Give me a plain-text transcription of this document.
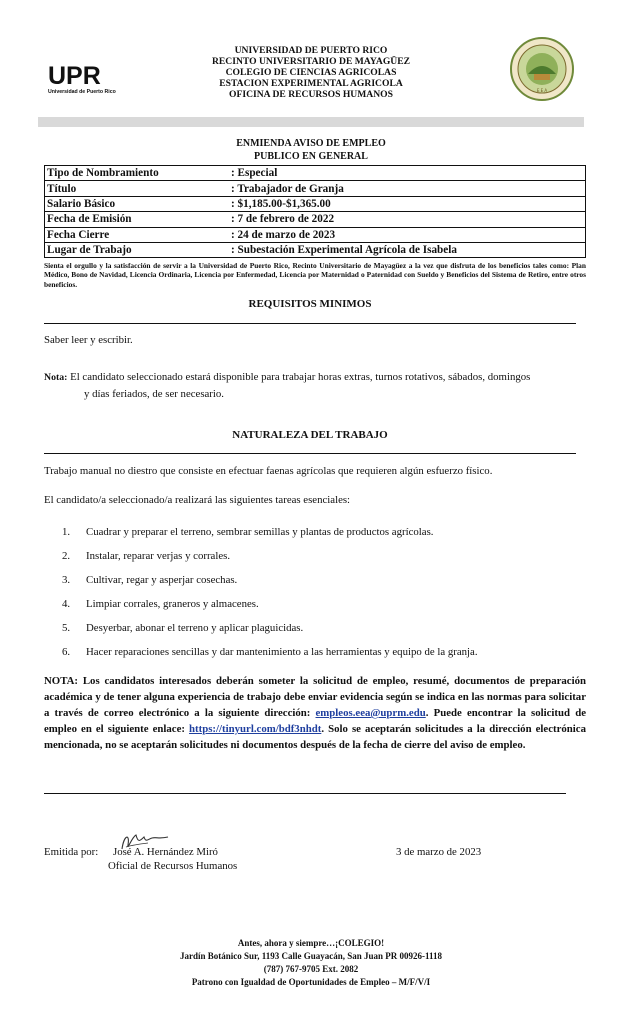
UPR
Universidad de Puerto Rico
UNIVERSIDAD DE PUERTO RICO
RECINTO UNIVERSITARIO DE MAYAGÜEZ
COLEGIO DE CIENCIAS AGRICOLAS
ESTACION EXPERIMENTAL AGRICOLA
OFICINA DE RECURSOS HUMANOS	E E A
ENMIENDA AVISO DE EMPLEO
PUBLICO EN GENERAL
Tipo de Nombramiento	: Especial
Título	: Trabajador de Granja
Salario Básico	: $1,185.00-$1,365.00
Fecha de Emisión	: 7 de febrero de 2022
Fecha Cierre	: 24 de marzo de 2023
Lugar de Trabajo	: Subestación Experimental Agrícola de Isabela
Sienta el orgullo y la satisfacción de servir a la Universidad de Puerto Rico, Recinto Universitario de Mayagüez a la vez que disfruta de los beneficios tales como: Plan Médico, Bono de Navidad, Licencia Ordinaria, Licencia por Enfermedad, Licencia por Maternidad o Paternidad con Sueldo y Beneficios del Sistema de Retiro, entre otros beneficios.
REQUISITOS MINIMOS
Saber leer y escribir.
Nota: El candidato seleccionado estará disponible para trabajar horas extras, turnos rotativos, sábados, domingos
y días feriados, de ser necesario.
NATURALEZA DEL TRABAJO
Trabajo manual no diestro que consiste en efectuar faenas agrícolas que requieren algún esfuerzo físico.
El candidato/a seleccionado/a realizará las siguientes tareas esenciales:
1. Cuadrar y preparar el terreno, sembrar semillas y plantas de productos agrícolas.
2. Instalar, reparar verjas y corrales.
3. Cultivar, regar y asperjar cosechas.
4. Limpiar corrales, graneros y almacenes.
5. Desyerbar, abonar el terreno y aplicar plaguicidas.
6. Hacer reparaciones sencillas y dar mantenimiento a las herramientas y equipo de la granja.
NOTA: Los candidatos interesados deberán someter la solicitud de empleo, resumé, documentos de preparación académica y de tener alguna experiencia de trabajo debe enviar evidencia según se indica en las normas para solicitar a través de correo electrónico a la siguiente dirección: empleos.eea@uprm.edu. Puede encontrar la solicitud de empleo en el siguiente enlace: https://tinyurl.com/bdf3nhdt. Solo se aceptarán solicitudes a la dirección electrónica mencionada, no se aceptarán solicitudes ni documentos después de la fecha de cierre del aviso de empleo.
Emitida por: José A. Hernández Miró
Oficial de Recursos Humanos
3 de marzo de 2023
Antes, ahora y siempre…¡COLEGIO!
Jardín Botánico Sur, 1193 Calle Guayacán, San Juan PR 00926-1118
(787) 767-9705 Ext. 2082
Patrono con Igualdad de Oportunidades de Empleo – M/F/V/I
